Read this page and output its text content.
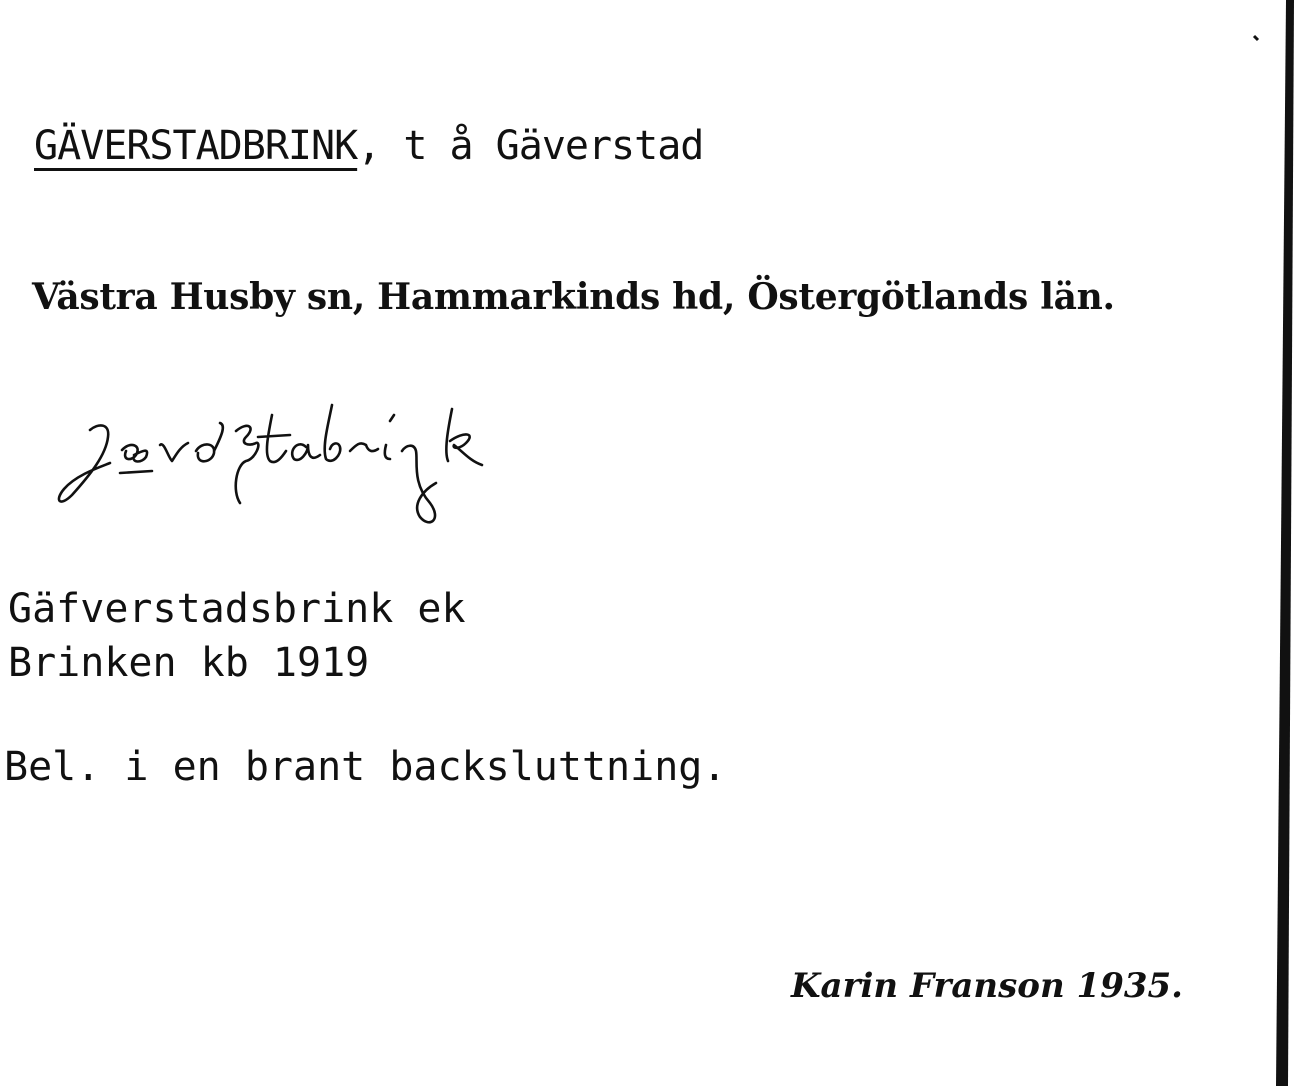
GÄVERSTADBRINK, t å Gäverstad
Västra Husby sn, Hammarkinds hd, Östergötlands län.
Gäfverstadsbrink ek
Brinken kb 1919
Bel. i en brant backsluttning.
Karin Franson 1935.
